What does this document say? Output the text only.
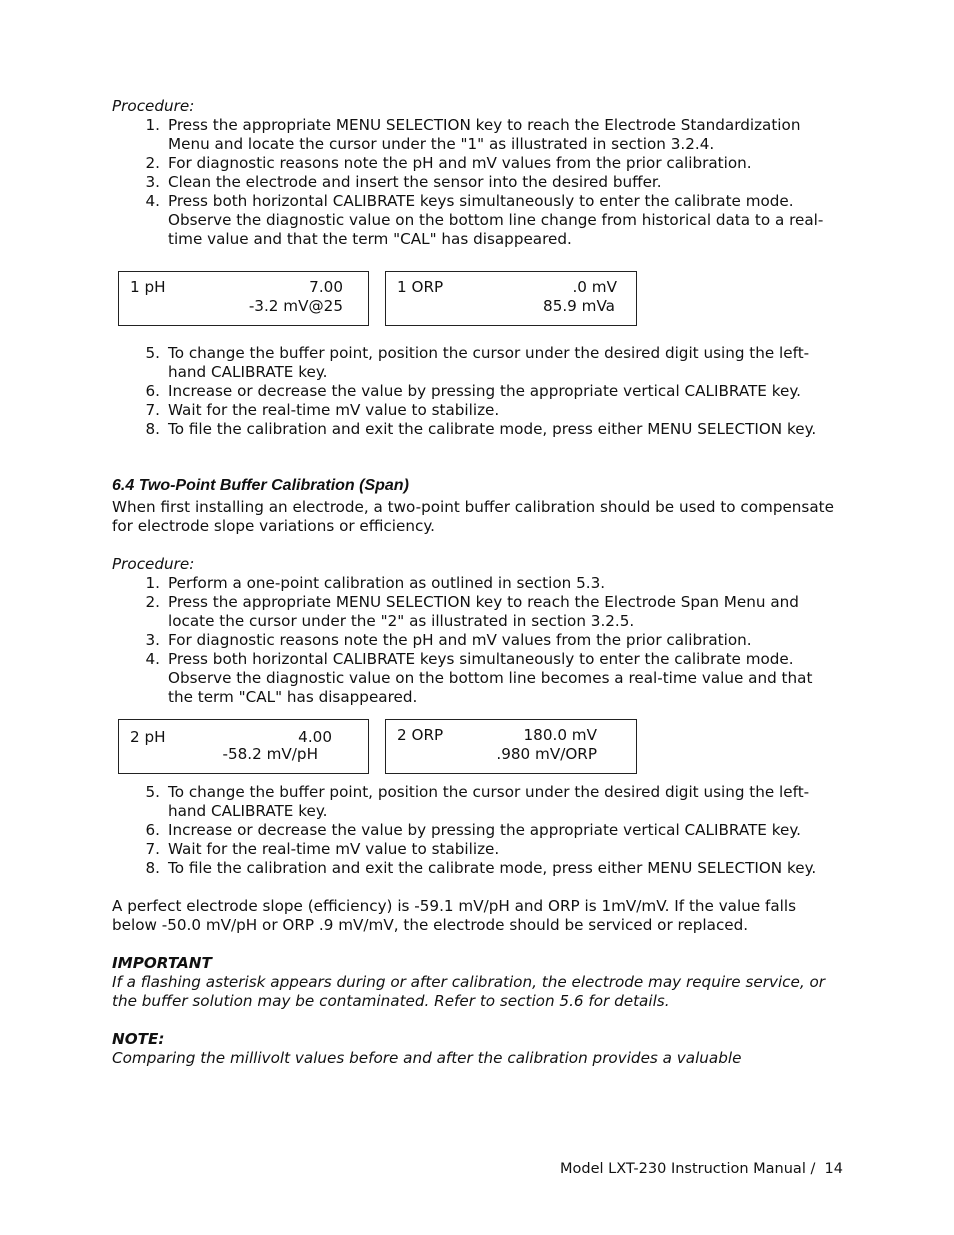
Procedure:

1. Press the appropriate MENU SELECTION key to reach the Electrode Standardization Menu and locate the cursor under the "1" as illustrated in section 3.2.4.
2. For diagnostic reasons note the pH and mV values from the prior calibration.
3. Clean the electrode and insert the sensor into the desired buffer.
4. Press both horizontal CALIBRATE keys simultaneously to enter the calibrate mode. Observe the diagnostic value on the bottom line change from historical data to a real-time value and that the term "CAL" has disappeared.
1 pH	7.00
-3.2 mV@25
1 ORP	.0 mV
85.9 mVa
5. To change the buffer point, position the cursor under the desired digit using the left-hand CALIBRATE key.
6. Increase or decrease the value by pressing the appropriate vertical CALIBRATE key.
7. Wait for the real-time mV value to stabilize.
8. To file the calibration and exit the calibrate mode, press either MENU SELECTION key.
6.4 Two-Point Buffer Calibration (Span)

When first installing an electrode, a two-point buffer calibration should be used to compensate for electrode slope variations or efficiency.

Procedure:

1. Perform a one-point calibration as outlined in section 5.3.
2. Press the appropriate MENU SELECTION key to reach the Electrode Span Menu and locate the cursor under the "2" as illustrated in section 3.2.5.
3. For diagnostic reasons note the pH and mV values from the prior calibration.
4. Press both horizontal CALIBRATE keys simultaneously to enter the calibrate mode. Observe the diagnostic value on the bottom line becomes a real-time value and that the term "CAL" has disappeared.
2 pH	4.00
-58.2 mV/pH
2 ORP	180.0 mV
.980 mV/ORP
5. To change the buffer point, position the cursor under the desired digit using the left-hand CALIBRATE key.
6. Increase or decrease the value by pressing the appropriate vertical CALIBRATE key.
7. Wait for the real-time mV value to stabilize.
8. To file the calibration and exit the calibrate mode, press either MENU SELECTION key.

A perfect electrode slope (efficiency) is -59.1 mV/pH and ORP is 1mV/mV. If the value falls below -50.0 mV/pH or ORP .9 mV/mV, the electrode should be serviced or replaced.

IMPORTANT

If a flashing asterisk appears during or after calibration, the electrode may require service, or the buffer solution may be contaminated. Refer to section 5.6 for details.

NOTE:

Comparing the millivolt values before and after the calibration provides a valuable

Model LXT-230 Instruction Manual /  14
